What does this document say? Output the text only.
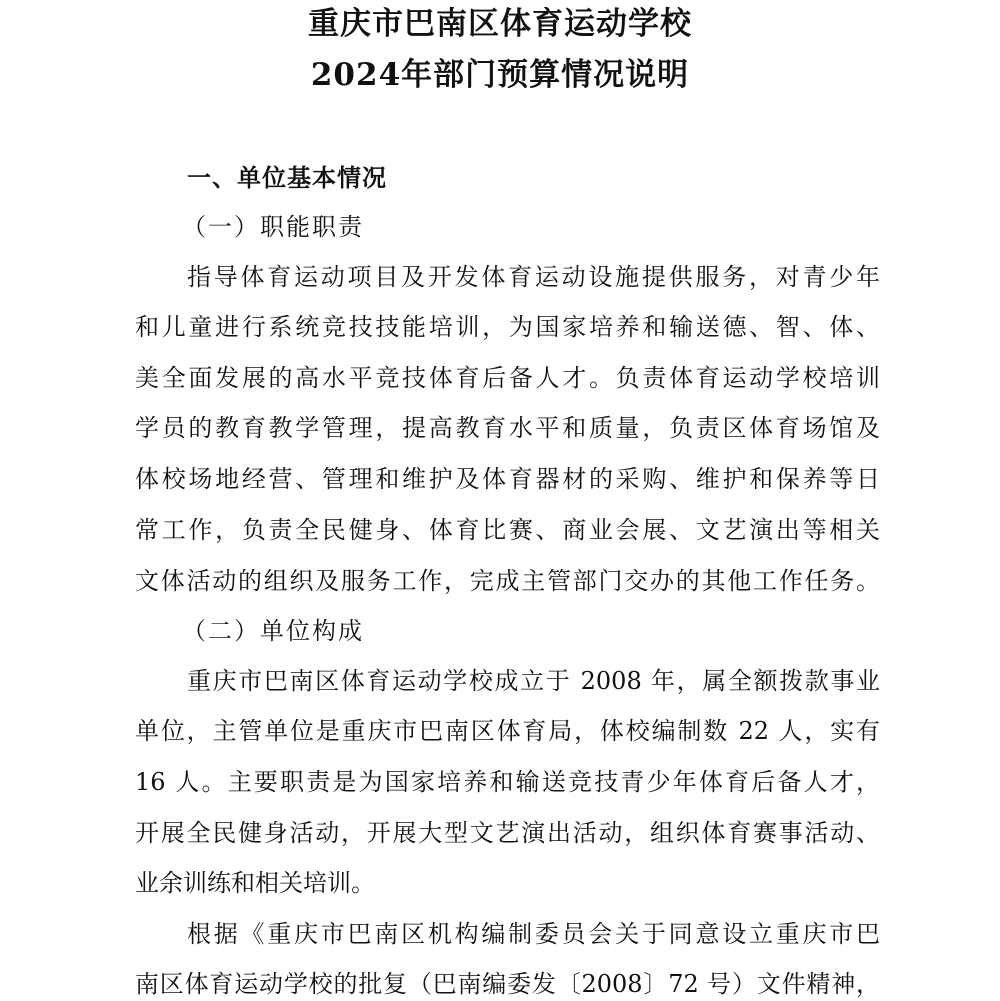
重庆市巴南区体育运动学校
2024年部门预算情况说明
一、单位基本情况
（一）职能职责
指导体育运动项目及开发体育运动设施提供服务，对青少年
和儿童进行系统竞技技能培训，为国家培养和输送德、智、体、
美全面发展的高水平竞技体育后备人才。负责体育运动学校培训
学员的教育教学管理，提高教育水平和质量，负责区体育场馆及
体校场地经营、管理和维护及体育器材的采购、维护和保养等日
常工作，负责全民健身、体育比赛、商业会展、文艺演出等相关
文体活动的组织及服务工作，完成主管部门交办的其他工作任务。
（二）单位构成
重庆市巴南区体育运动学校成立于 2008 年，属全额拨款事业
单位，主管单位是重庆市巴南区体育局，体校编制数 22 人，实有
16 人。主要职责是为国家培养和输送竞技青少年体育后备人才，
开展全民健身活动，开展大型文艺演出活动，组织体育赛事活动、
业余训练和相关培训。
根据《重庆市巴南区机构编制委员会关于同意设立重庆市巴
南区体育运动学校的批复（巴南编委发〔2008〕72 号）文件精神，
